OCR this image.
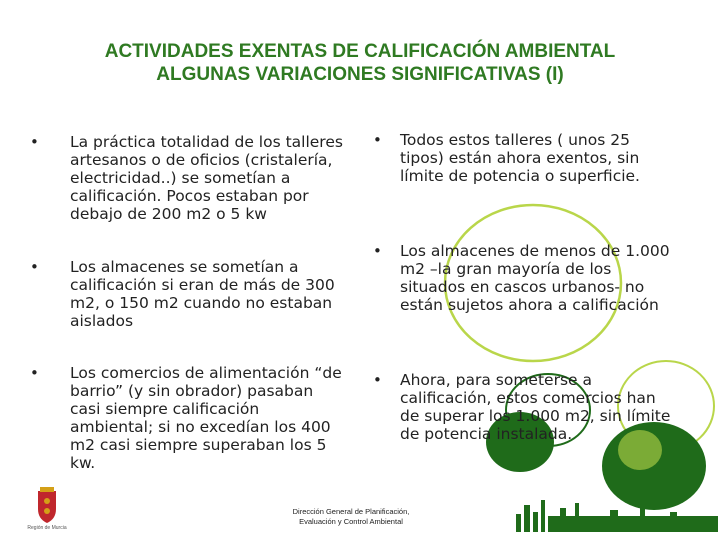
ACTIVIDADES EXENTAS DE CALIFICACIÓN AMBIENTAL
ALGUNAS VARIACIONES SIGNIFICATIVAS (I)
• La práctica totalidad de los talleres
artesanos o de oficios (cristalería,
electricidad..) se sometían a
calificación. Pocos estaban por
debajo de 200 m2 o 5 kw
• Los almacenes se sometían a
calificación si eran de más de 300
m2, o 150 m2 cuando no estaban
aislados
• Los comercios de alimentación “de
barrio” (y sin obrador) pasaban
casi siempre calificación
ambiental; si no excedían los 400
m2 casi siempre superaban los 5
kw.
• Todos estos talleres ( unos 25
tipos) están ahora exentos, sin
límite de potencia o superficie.
• Los almacenes de menos de 1.000
m2 –la gran mayoría de los
situados en cascos urbanos- no
están sujetos ahora a calificación
• Ahora, para someterse a
calificación, estos comercios han
de superar los 1.000 m2, sin límite
de potencia instalada.
Región de Murcia
Dirección General de Planificación,
Evaluación y Control Ambiental
